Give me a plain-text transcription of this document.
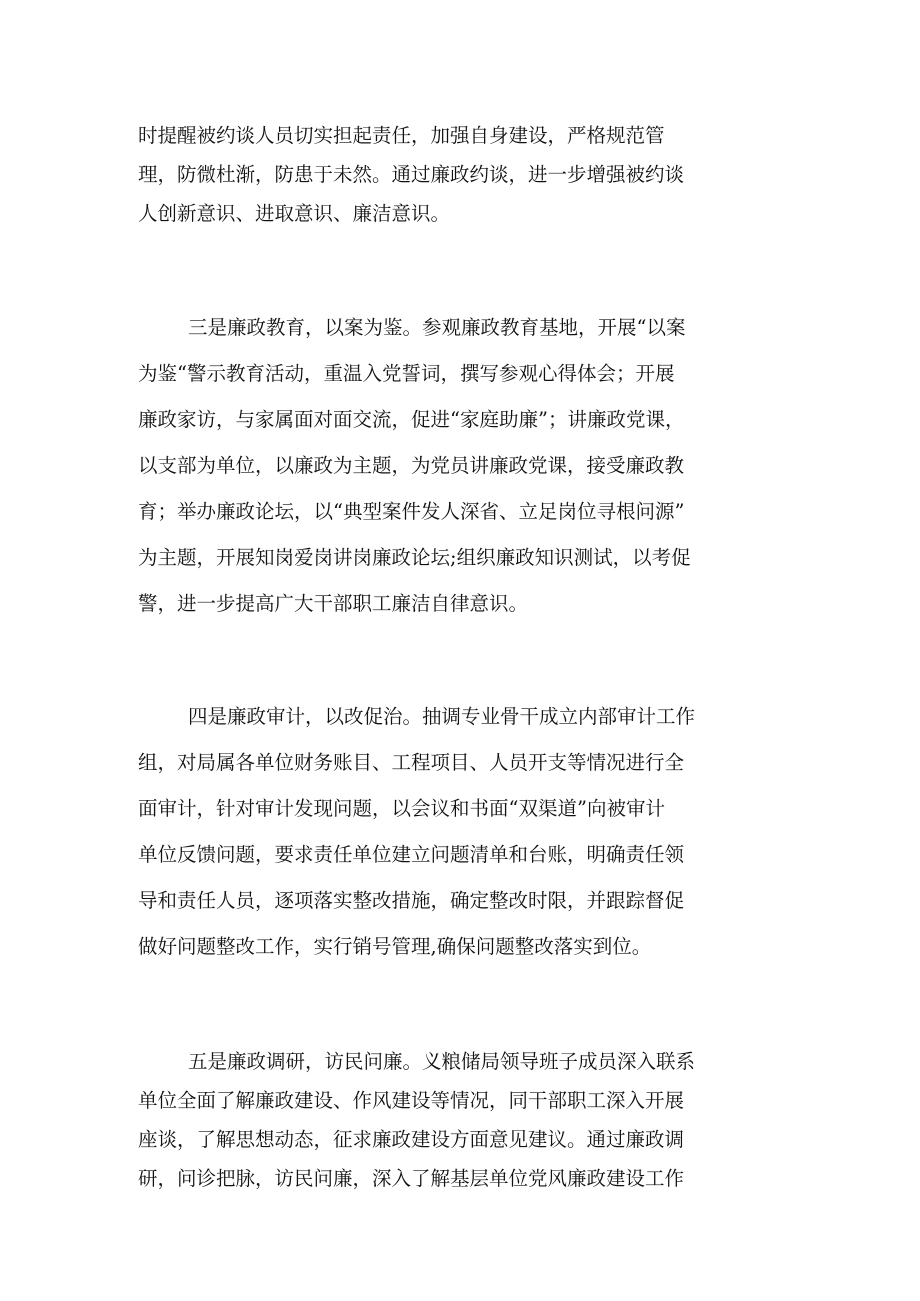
时提醒被约谈人员切实担起责任，加强自身建设，严格规范管
理，防微杜渐，防患于未然。通过廉政约谈，进一步增强被约谈
人创新意识、进取意识、廉洁意识。
三是廉政教育，以案为鉴。参观廉政教育基地，开展“以案
为鉴“警示教育活动，重温入党誓词，撰写参观心得体会；开展
廉政家访，与家属面对面交流，促进“家庭助廉”；讲廉政党课，
以支部为单位，以廉政为主题，为党员讲廉政党课，接受廉政教
育；举办廉政论坛，以“典型案件发人深省、立足岗位寻根问源”
为主题，开展知岗爱岗讲岗廉政论坛;组织廉政知识测试，以考促
警，进一步提高广大干部职工廉洁自律意识。
四是廉政审计，以改促治。抽调专业骨干成立内部审计工作
组，对局属各单位财务账目、工程项目、人员开支等情况进行全
面审计，针对审计发现问题，以会议和书面“双渠道”向被审计
单位反馈问题，要求责任单位建立问题清单和台账，明确责任领
导和责任人员，逐项落实整改措施，确定整改时限，并跟踪督促
做好问题整改工作，实行销号管理,确保问题整改落实到位。
五是廉政调研，访民问廉。义粮储局领导班子成员深入联系
单位全面了解廉政建设、作风建设等情况，同干部职工深入开展
座谈，了解思想动态，征求廉政建设方面意见建议。通过廉政调
研，问诊把脉，访民问廉，深入了解基层单位党风廉政建设工作
